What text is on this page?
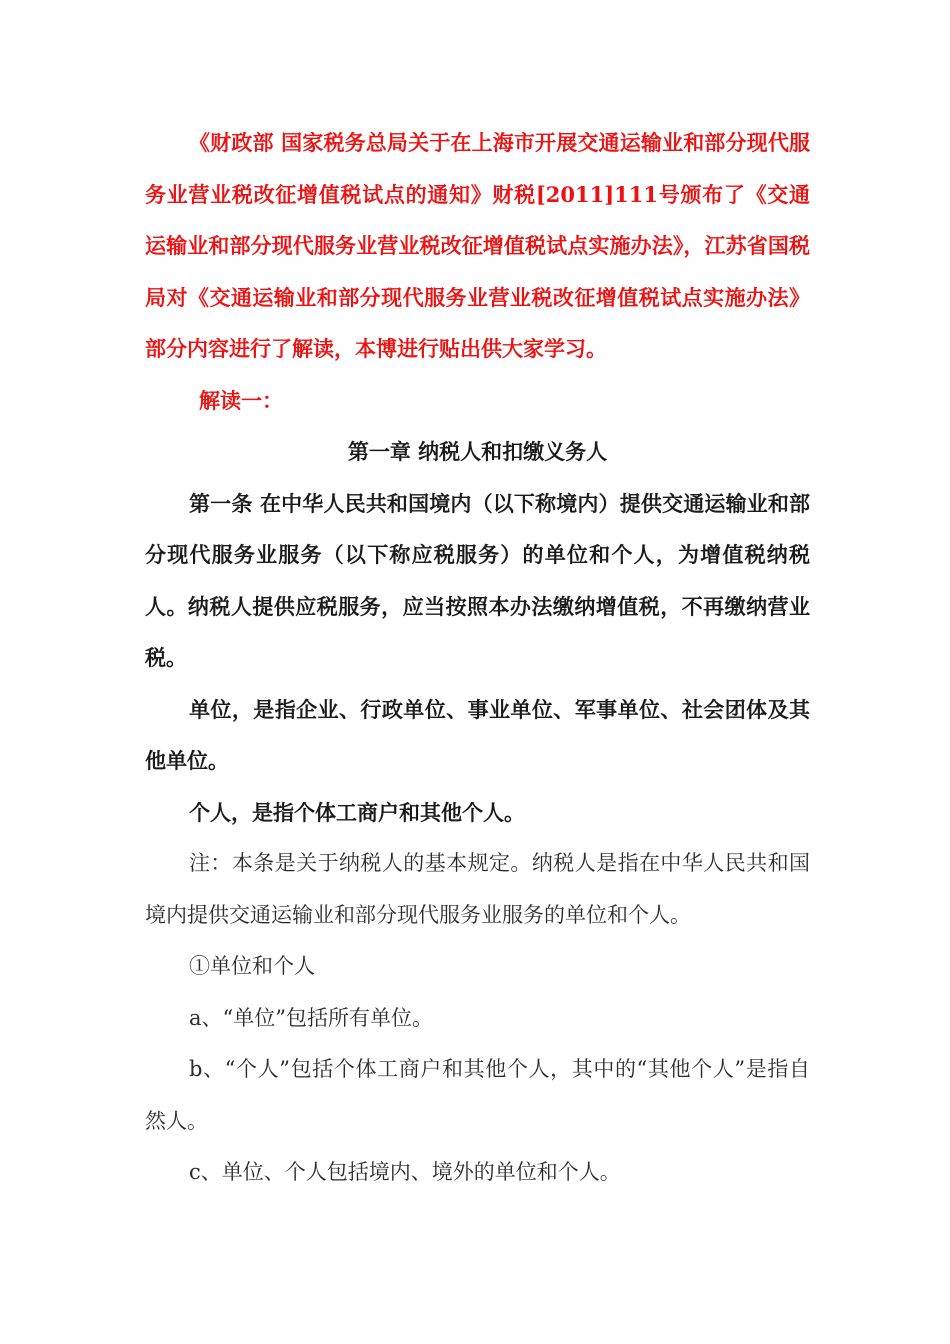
《财政部 国家税务总局关于在上海市开展交通运输业和部分现代服务业营业税改征增值税试点的通知》财税[2011]111号颁布了《交通运输业和部分现代服务业营业税改征增值税试点实施办法》，江苏省国税局对《交通运输业和部分现代服务业营业税改征增值税试点实施办法》部分内容进行了解读，本博进行贴出供大家学习。

解读一：

第一章 纳税人和扣缴义务人

第一条 在中华人民共和国境内（以下称境内）提供交通运输业和部分现代服务业服务（以下称应税服务）的单位和个人，为增值税纳税人。纳税人提供应税服务，应当按照本办法缴纳增值税，不再缴纳营业税。

单位，是指企业、行政单位、事业单位、军事单位、社会团体及其他单位。

个人，是指个体工商户和其他个人。

注：本条是关于纳税人的基本规定。纳税人是指在中华人民共和国境内提供交通运输业和部分现代服务业服务的单位和个人。

①单位和个人

a、“单位”包括所有单位。

b、“个人”包括个体工商户和其他个人，其中的“其他个人”是指自然人。

c、单位、个人包括境内、境外的单位和个人。
